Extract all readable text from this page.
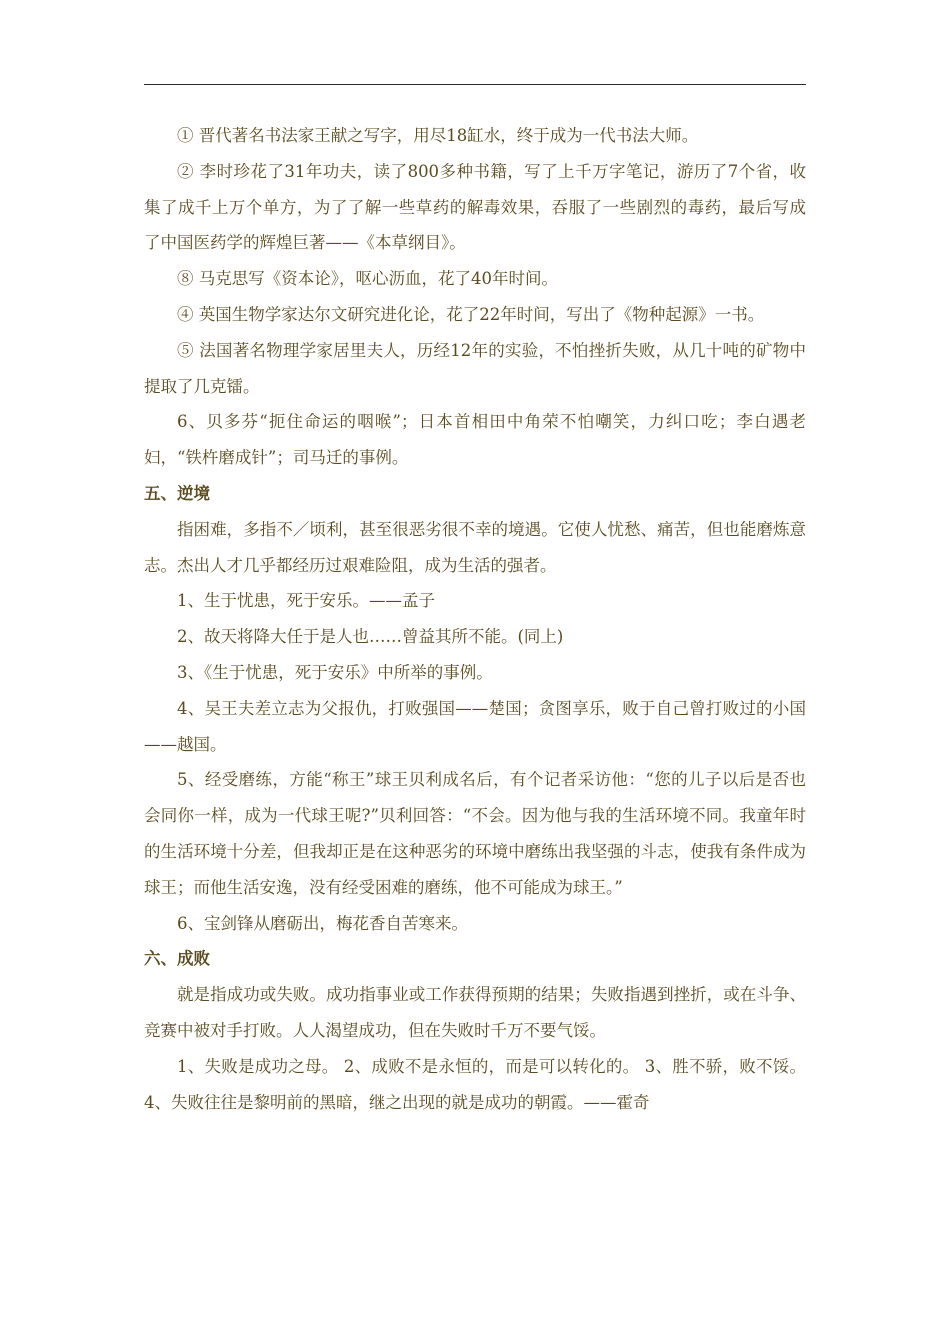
① 晋代著名书法家王献之写字，用尽18缸水，终于成为一代书法大师。

② 李时珍花了31年功夫，读了800多种书籍，写了上千万字笔记，游历了7个省，收集了成千上万个单方，为了了解一些草药的解毒效果，吞服了一些剧烈的毒药，最后写成　了中国医药学的辉煌巨著——《本草纲目》。

⑧ 马克思写《资本论》，呕心沥血，花了40年时间。

④ 英国生物学家达尔文研究进化论，花了22年时间，写出了《物种起源》一书。

⑤ 法国著名物理学家居里夫人，历经12年的实验，不怕挫折失败，从几十吨的矿物中提取了几克镭。

6、贝多芬“扼住命运的咽喉”；日本首相田中角荣不怕嘲笑，力纠口吃；李白遇老妇，“铁杵磨成针”；司马迁的事例。

五、逆境

指困难，多指不／顷利，甚至很恶劣很不幸的境遇。它使人忧愁、痛苦，但也能磨炼意志。杰出人才几乎都经历过艰难险阻，成为生活的强者。

1、生于忧患，死于安乐。——孟子

2、故天将降大任于是人也……曾益其所不能。(同上)

3、《生于忧患，死于安乐》中所举的事例。

4、吴王夫差立志为父报仇，打败强国——楚国；贪图享乐，败于自己曾打败过的小国——越国。

5、经受磨练，方能“称王”球王贝利成名后，有个记者采访他：“您的儿子以后是否也会同你一样，成为一代球王呢?”贝利回答：“不会。因为他与我的生活环境不同。我童年时的生活环境十分差，但我却正是在这种恶劣的环境中磨练出我坚强的斗志，使我有条件成为球王；而他生活安逸，没有经受困难的磨练，他不可能成为球王。”

6、宝剑锋从磨砺出，梅花香自苦寒来。

六、成败

就是指成功或失败。成功指事业或工作获得预期的结果；失败指遇到挫折，或在斗争、竞赛中被对手打败。人人渴望成功，但在失败时千万不要气馁。

1、失败是成功之母。 2、成败不是永恒的，而是可以转化的。 3、胜不骄，败不馁。4、失败往往是黎明前的黑暗，继之出现的就是成功的朝霞。——霍奇
